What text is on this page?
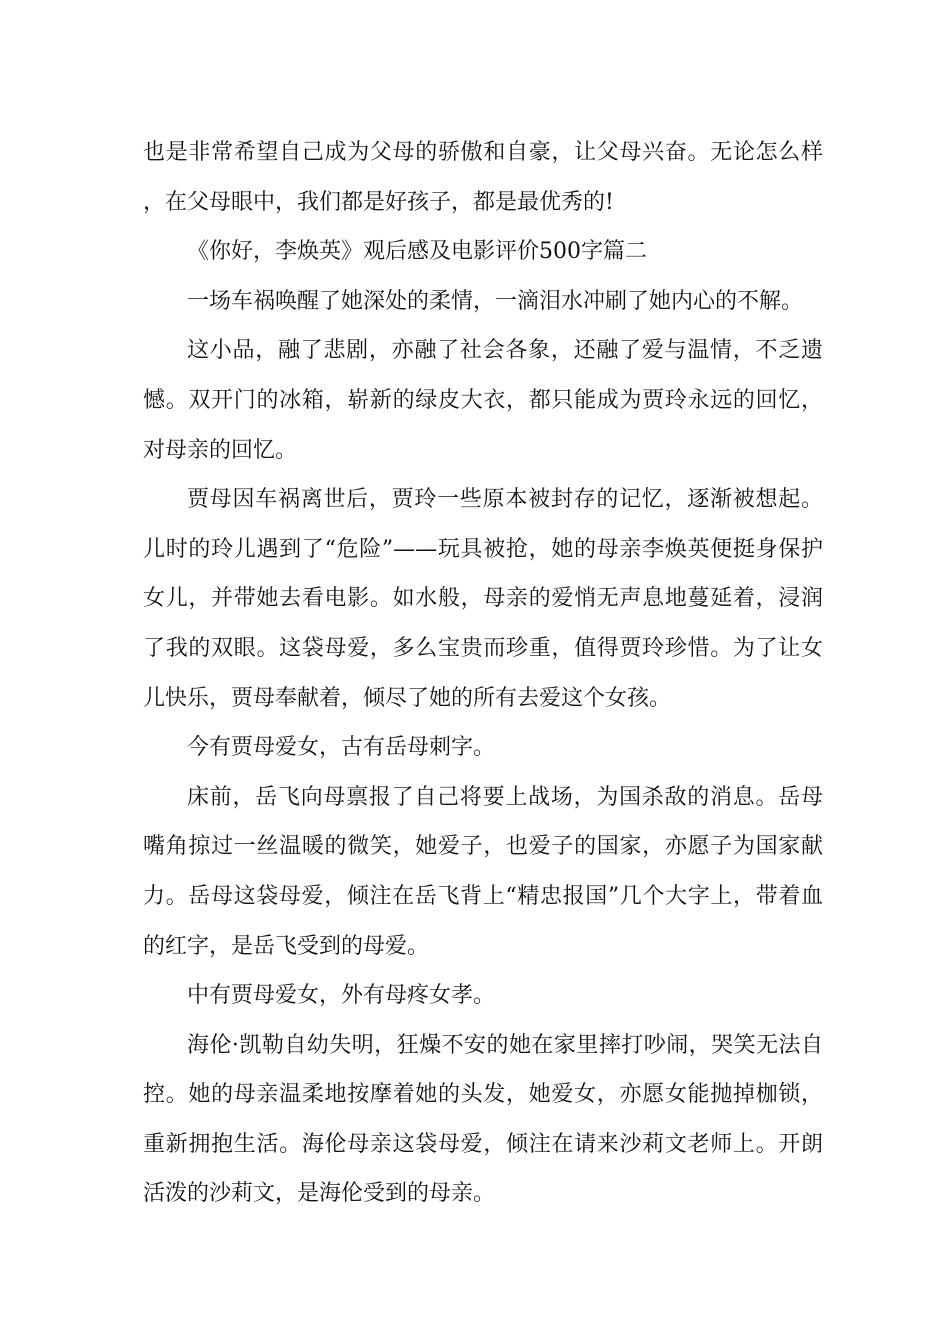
也是非常希望自己成为父母的骄傲和自豪，让父母兴奋。无论怎么样，在父母眼中，我们都是好孩子，都是最优秀的!

《你好，李焕英》观后感及电影评价500字篇二

一场车祸唤醒了她深处的柔情，一滴泪水冲刷了她内心的不解。

这小品，融了悲剧，亦融了社会各象，还融了爱与温情，不乏遗憾。双开门的冰箱，崭新的绿皮大衣，都只能成为贾玲永远的回忆，对母亲的回忆。

贾母因车祸离世后，贾玲一些原本被封存的记忆，逐渐被想起。儿时的玲儿遇到了“危险”——玩具被抢，她的母亲李焕英便挺身保护女儿，并带她去看电影。如水般，母亲的爱悄无声息地蔓延着，浸润了我的双眼。这袋母爱，多么宝贵而珍重，值得贾玲珍惜。为了让女儿快乐，贾母奉献着，倾尽了她的所有去爱这个女孩。

今有贾母爱女，古有岳母刺字。

床前，岳飞向母禀报了自己将要上战场，为国杀敌的消息。岳母嘴角掠过一丝温暖的微笑，她爱子，也爱子的国家，亦愿子为国家献力。岳母这袋母爱，倾注在岳飞背上“精忠报国”几个大字上，带着血的红字，是岳飞受到的母爱。

中有贾母爱女，外有母疼女孝。

海伦·凯勒自幼失明，狂燥不安的她在家里摔打吵闹，哭笑无法自控。她的母亲温柔地按摩着她的头发，她爱女，亦愿女能抛掉枷锁，重新拥抱生活。海伦母亲这袋母爱，倾注在请来沙莉文老师上。开朗活泼的沙莉文，是海伦受到的母亲。
